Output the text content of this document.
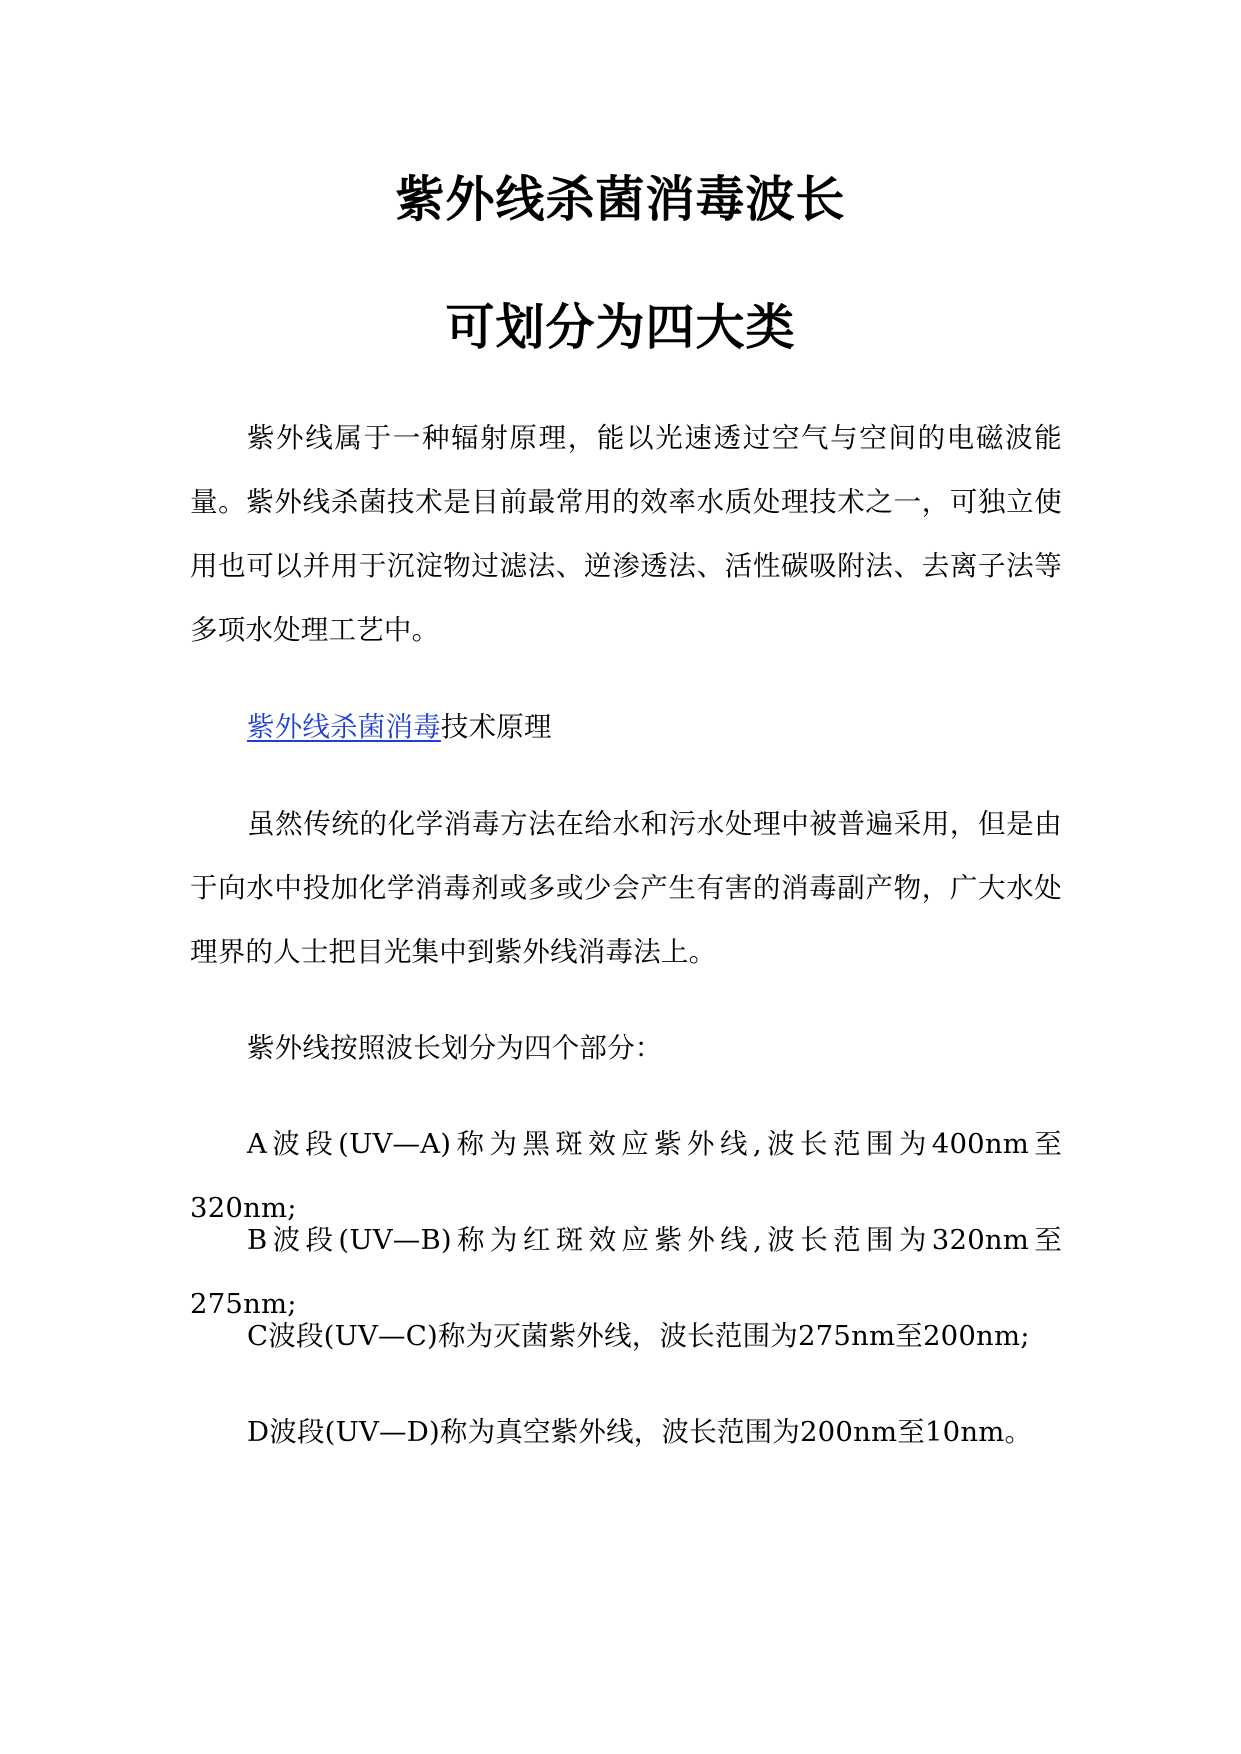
紫外线杀菌消毒波长
可划分为四大类

紫外线属于一种辐射原理，能以光速透过空气与空间的电磁波能量。紫外线杀菌技术是目前最常用的效率水质处理技术之一，可独立使用也可以并用于沉淀物过滤法、逆渗透法、活性碳吸附法、去离子法等多项水处理工艺中。

紫外线杀菌消毒技术原理

虽然传统的化学消毒方法在给水和污水处理中被普遍采用，但是由于向水中投加化学消毒剂或多或少会产生有害的消毒副产物，广大水处理界的人士把目光集中到紫外线消毒法上。

紫外线按照波长划分为四个部分：

A波段(UV—A)称为黑斑效应紫外线,波长范围为400nm至320nm;

B波段(UV—B)称为红斑效应紫外线,波长范围为320nm至275nm;

C波段(UV—C)称为灭菌紫外线，波长范围为275nm至200nm;

D波段(UV—D)称为真空紫外线，波长范围为200nm至10nm。
